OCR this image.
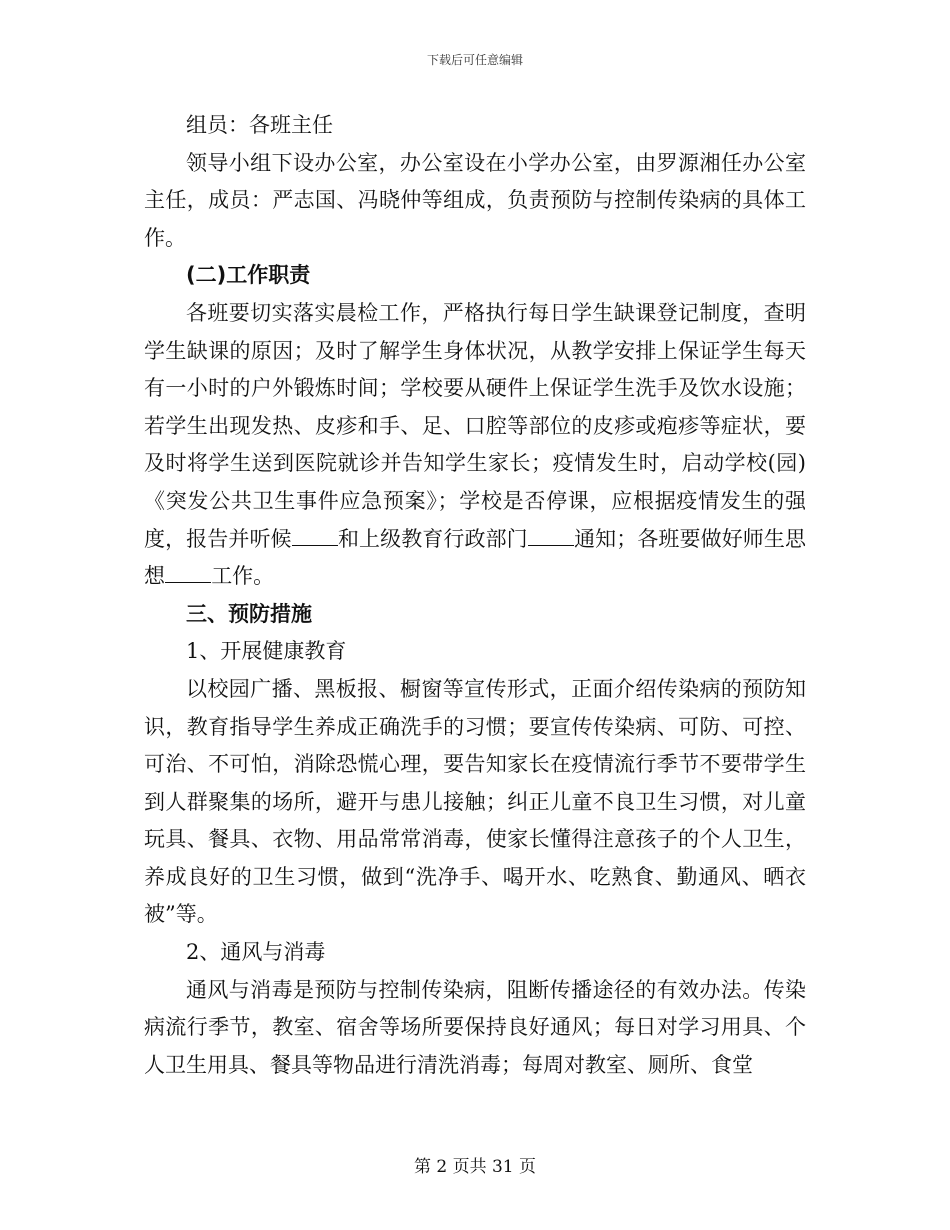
下载后可任意编辑

组员：各班主任

领导小组下设办公室，办公室设在小学办公室，由罗源湘任办公室主任，成员：严志国、冯晓仲等组成，负责预防与控制传染病的具体工作。

(二)工作职责

各班要切实落实晨检工作，严格执行每日学生缺课登记制度，查明学生缺课的原因；及时了解学生身体状况，从教学安排上保证学生每天有一小时的户外锻炼时间；学校要从硬件上保证学生洗手及饮水设施；若学生出现发热、皮疹和手、足、口腔等部位的皮疹或疱疹等症状，要及时将学生送到医院就诊并告知学生家长；疫情发生时，启动学校(园)《突发公共卫生事件应急预案》；学校是否停课，应根据疫情发生的强度，报告并听候 和上级教育行政部门 通知；各班要做好师生思想 工作。

三、预防措施

1、开展健康教育

以校园广播、黑板报、橱窗等宣传形式，正面介绍传染病的预防知识，教育指导学生养成正确洗手的习惯；要宣传传染病、可防、可控、可治、不可怕，消除恐慌心理，要告知家长在疫情流行季节不要带学生到人群聚集的场所，避开与患儿接触；纠正儿童不良卫生习惯，对儿童玩具、餐具、衣物、用品常常消毒，使家长懂得注意孩子的个人卫生，养成良好的卫生习惯，做到“洗净手、喝开水、吃熟食、勤通风、晒衣被”等。

2、通风与消毒

通风与消毒是预防与控制传染病，阻断传播途径的有效办法。传染病流行季节，教室、宿舍等场所要保持良好通风；每日对学习用具、个人卫生用具、餐具等物品进行清洗消毒；每周对教室、厕所、食堂

第 2 页共 31 页
